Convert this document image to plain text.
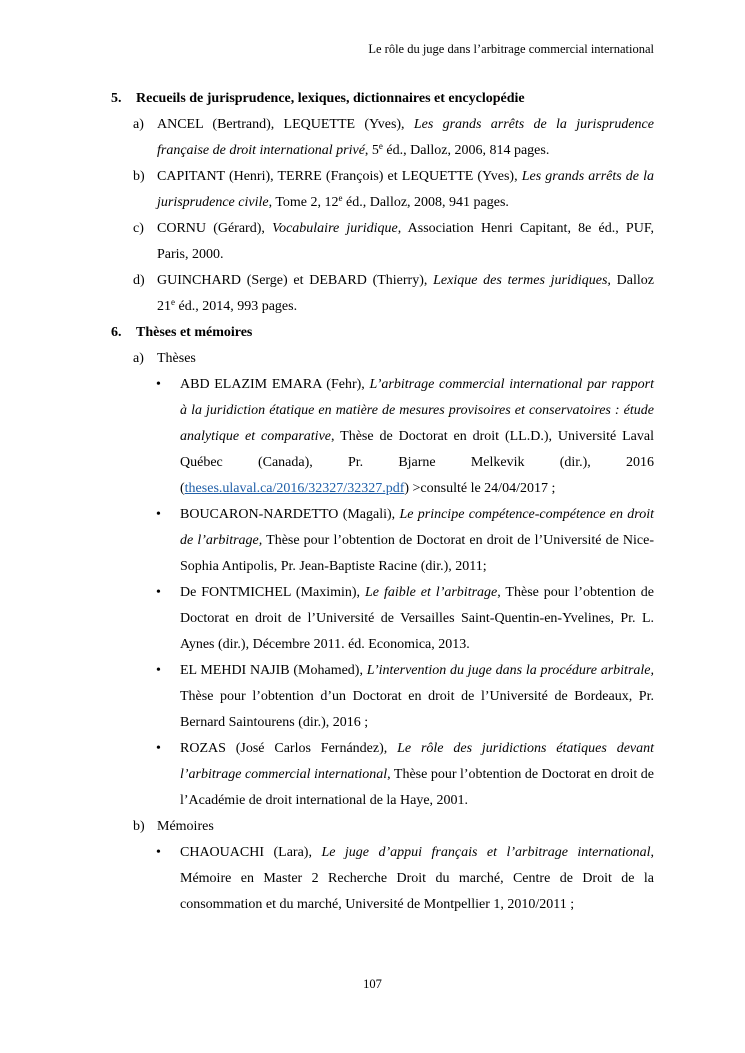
Le rôle du juge dans l’arbitrage commercial international
5. Recueils de jurisprudence, lexiques, dictionnaires et encyclopédie
a) ANCEL (Bertrand), LEQUETTE (Yves), Les grands arrêts de la jurisprudence française de droit international privé, 5e éd., Dalloz, 2006, 814 pages.
b) CAPITANT (Henri), TERRE (François) et LEQUETTE (Yves), Les grands arrêts de la jurisprudence civile, Tome 2, 12e éd., Dalloz, 2008, 941 pages.
c) CORNU (Gérard), Vocabulaire juridique, Association Henri Capitant, 8e éd., PUF, Paris, 2000.
d) GUINCHARD (Serge) et DEBARD (Thierry), Lexique des termes juridiques, Dalloz 21e éd., 2014, 993 pages.
6. Thèses et mémoires
a) Thèses
• ABD ELAZIM EMARA (Fehr), L’arbitrage commercial international par rapport à la juridiction étatique en matière de mesures provisoires et conservatoires : étude analytique et comparative, Thèse de Doctorat en droit (LL.D.), Université Laval Québec (Canada), Pr. Bjarne Melkevik (dir.), 2016 (theses.ulaval.ca/2016/32327/32327.pdf) >consulté le 24/04/2017 ;
• BOUCARON-NARDETTO (Magali), Le principe compétence-compétence en droit de l’arbitrage, Thèse pour l’obtention de Doctorat en droit de l’Université de Nice-Sophia Antipolis, Pr. Jean-Baptiste Racine (dir.), 2011;
• De FONTMICHEL (Maximin), Le faible et l’arbitrage, Thèse pour l’obtention de Doctorat en droit de l’Université de Versailles Saint-Quentin-en-Yvelines, Pr. L. Aynes (dir.), Décembre 2011. éd. Economica, 2013.
• EL MEHDI NAJIB (Mohamed), L’intervention du juge dans la procédure arbitrale, Thèse pour l’obtention d’un Doctorat en droit de l’Université de Bordeaux, Pr. Bernard Saintourens (dir.), 2016 ;
• ROZAS (José Carlos Fernández), Le rôle des juridictions étatiques devant l’arbitrage commercial international, Thèse pour l’obtention de Doctorat en droit de l’Académie de droit international de la Haye, 2001.
b) Mémoires
• CHAOUACHI (Lara), Le juge d’appui français et l’arbitrage international, Mémoire en Master 2 Recherche Droit du marché, Centre de Droit de la consommation et du marché, Université de Montpellier 1, 2010/2011 ;
107
